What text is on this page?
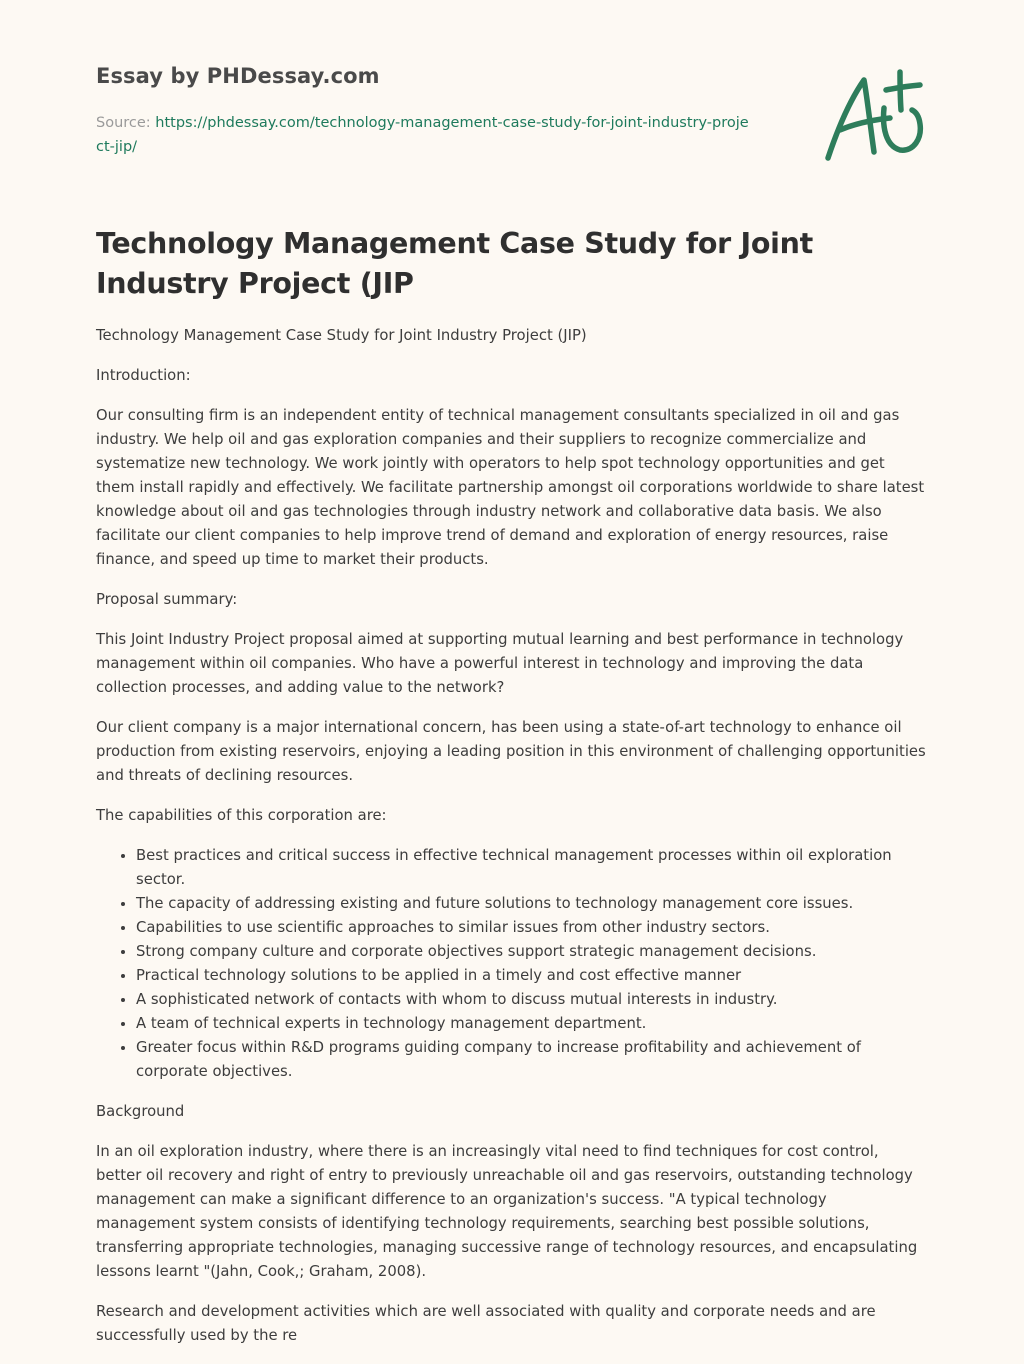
Essay by PHDessay.com

Source: https://phdessay.com/technology-management-case-study-for-joint-industry-project-jip/

Technology Management Case Study for Joint Industry Project (JIP

Technology Management Case Study for Joint Industry Project (JIP)

Introduction:

Our consulting firm is an independent entity of technical management consultants specialized in oil and gas industry. We help oil and gas exploration companies and their suppliers to recognize commercialize and systematize new technology. We work jointly with operators to help spot technology opportunities and get them install rapidly and effectively. We facilitate partnership amongst oil corporations worldwide to share latest knowledge about oil and gas technologies through industry network and collaborative data basis. We also facilitate our client companies to help improve trend of demand and exploration of energy resources, raise finance, and speed up time to market their products.

Proposal summary:

This Joint Industry Project proposal aimed at supporting mutual learning and best performance in technology management within oil companies. Who have a powerful interest in technology and improving the data collection processes, and adding value to the network?

Our client company is a major international concern, has been using a state-of-art technology to enhance oil production from existing reservoirs, enjoying a leading position in this environment of challenging opportunities and threats of declining resources.

The capabilities of this corporation are:

• Best practices and critical success in effective technical management processes within oil exploration sector.
• The capacity of addressing existing and future solutions to technology management core issues.
• Capabilities to use scientific approaches to similar issues from other industry sectors.
• Strong company culture and corporate objectives support strategic management decisions.
• Practical technology solutions to be applied in a timely and cost effective manner
• A sophisticated network of contacts with whom to discuss mutual interests in industry.
• A team of technical experts in technology management department.
• Greater focus within R&D programs guiding company to increase profitability and achievement of corporate objectives.

Background

In an oil exploration industry, where there is an increasingly vital need to find techniques for cost control, better oil recovery and right of entry to previously unreachable oil and gas reservoirs, outstanding technology management can make a significant difference to an organization's success. "A typical technology management system consists of identifying technology requirements, searching best possible solutions, transferring appropriate technologies, managing successive range of technology resources, and encapsulating lessons learnt "(Jahn, Cook,; Graham, 2008).

Research and development activities which are well associated with quality and corporate needs and are successfully used by the re
